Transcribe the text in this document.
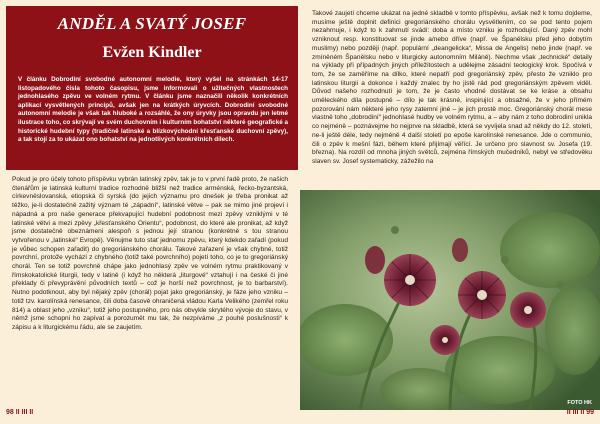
ANDĚL A SVATÝ JOSEF
Evžen Kindler
V článku Dobrodiní svobodné autonomní melodie, který vyšel na stránkách 14-17 listopadového čísla tohoto časopisu, jsme informovali o užitečných vlastnostech jednohlasého zpěvu ve volném rytmu. V článku jsme naznačili několik konkrétních aplikací vysvětlených principů, avšak jen na krátkých úryvcích. Dobrodiní svobodné autonomní melodie je však tak hluboké a rozsáhlé, že ony úryvky jsou opravdu jen letmé ilustrace toho, co skrývají ve svém duchovním i kulturním bohatství některé geografické a historické hudební typy (tradičně latinské a blízkovýchodní křesťanské duchovní zpěvy), a tak stojí za to ukázat ono bohatství na jednotlivých konkrétních dílech.
Pokud je pro účely tohoto příspěvku vybrán latinský zpěv, tak je to v první řadě proto, že našich čtenářům je latinská kulturní tradice rozhodně bližší než tradice arménská, řecko-byzantská, církevněslovanská, etiopská či syrská (do jejich významu pro dnešek je třeba pronikat až těžko, je-li dostatečně zažitý význam té „západní“, latinské větve – pak se mimo jiné projeví i nápadná a pro naše generace překvapující hudební podobnost mezi zpěvy vzniklými v té latinské větvi a mezi zpěvy „křesťanského Orientu“, podobnost, do které ale pronikat, až když jsme dostatečně obeznámeni alespoň s jednou její stranou (konkrétně s tou stranou vytvořenou v „latinské“ Evropě). Věnujme tuto stať jednomu zpěvu, který kdekdo zařadí (pokud je vůbec schopen zařadit) do gregoriánského chorálu. Takové zařazení je však chybné, totiž povrchní, protože vychází z chybného (totiž také povrchního) pojetí toho, co je to gregoriánský chorál. Ten se totiž povrchně chápe jako jednohlasý zpěv ve volném rytmu praktikovaný v římskokatolické liturgii, tedy v latině (i když ho některá „liturgové“ vztahují i na české či jiné překlady či převyprávění původních textů – což je horší než povrchnost, je to barbarství). Nutno podotknout, aby byl nějaký zpěv (chorál) pojat jako gregoriánský, je fáze jeho vzniku – totiž tzv. karolínská renesance, čili doba časově ohraničená vládou Karla Velikého (zemřel roku 814) a oblast jeho „vzniku“, totiž jeho postupného, pro nás obvykle skrytého vývoje do stavu, v němž jsme schopni ho zapívat a porozumět mu tak, že nezpíváme „z pouhé poslušnosti“ k zápisu a k liturgickému řádu, ale se zaujetím.
98 II III II
Takové zaujetí chceme ukázat na jedné skladbě v tomto příspěvku, avšak než k tomu dojdeme, musíme ještě doplnit definici gregoriánského chorálu vysvětlením, co se pod tento pojem nezahrnuje, i když to k zahrnutí svádí: doba a místo vzniku je rozhodující. Daný zpěv mohl vzniknout resp. konstituovat se jinde a/nebo dříve (např. ve Španělsku před jeho dobytím muslimy) nebo později (např. populární „deangelicka“, Missa de Angelis) nebo jinde (např. ve zmíněném Španělsku nebo v liturgicky autonomním Miláně). Nechme však „technické“ detaily na výklady při případných jiných příležitostech a udělejme zásadní teologický krok. Spočívá v tom, že se zaměříme na dílko, které nepatří pod gregoriánský zpěv, přesto že vzniklo pro latinskou liturgii a dokonce i každý znalec by ho jistě rád pod gregoriánským zpěvem viděl. Důvod našeho rozhodnutí je tom, že je často vhodné dostávat se ke kráse a obsahu uměleckého díla postupně – dílo je tak krásné, inspirující a obsažné, že v jeho přímém pozorování nám některé jeho rysy zatemní jiné – je jich prostě moc. Gregoriánský chorál mese vlastně toho „dobrodiní“ jednohlasé hudby ve volném rytmu, a – aby nám z toho dobrodiní unikla co nejméně – poznávejme ho nejprve na skladbě, která se vyvíjela snad až někdy do 12. století, ne-li ještě déle, tedy nejméně 4 další století po epoše karolínské renesance. Jde o communio, čili o zpěv k mešní fázi, během které přijímají věřící. Je určeno pro slavnost sv. Josefa (19. března). Na rozdíl od mnoha jiných světců, zejména římských mučedníků, nebyl ve středověku slaven sv. Josef systematicky, zážežilo na
FOTO HK
II III II 99
